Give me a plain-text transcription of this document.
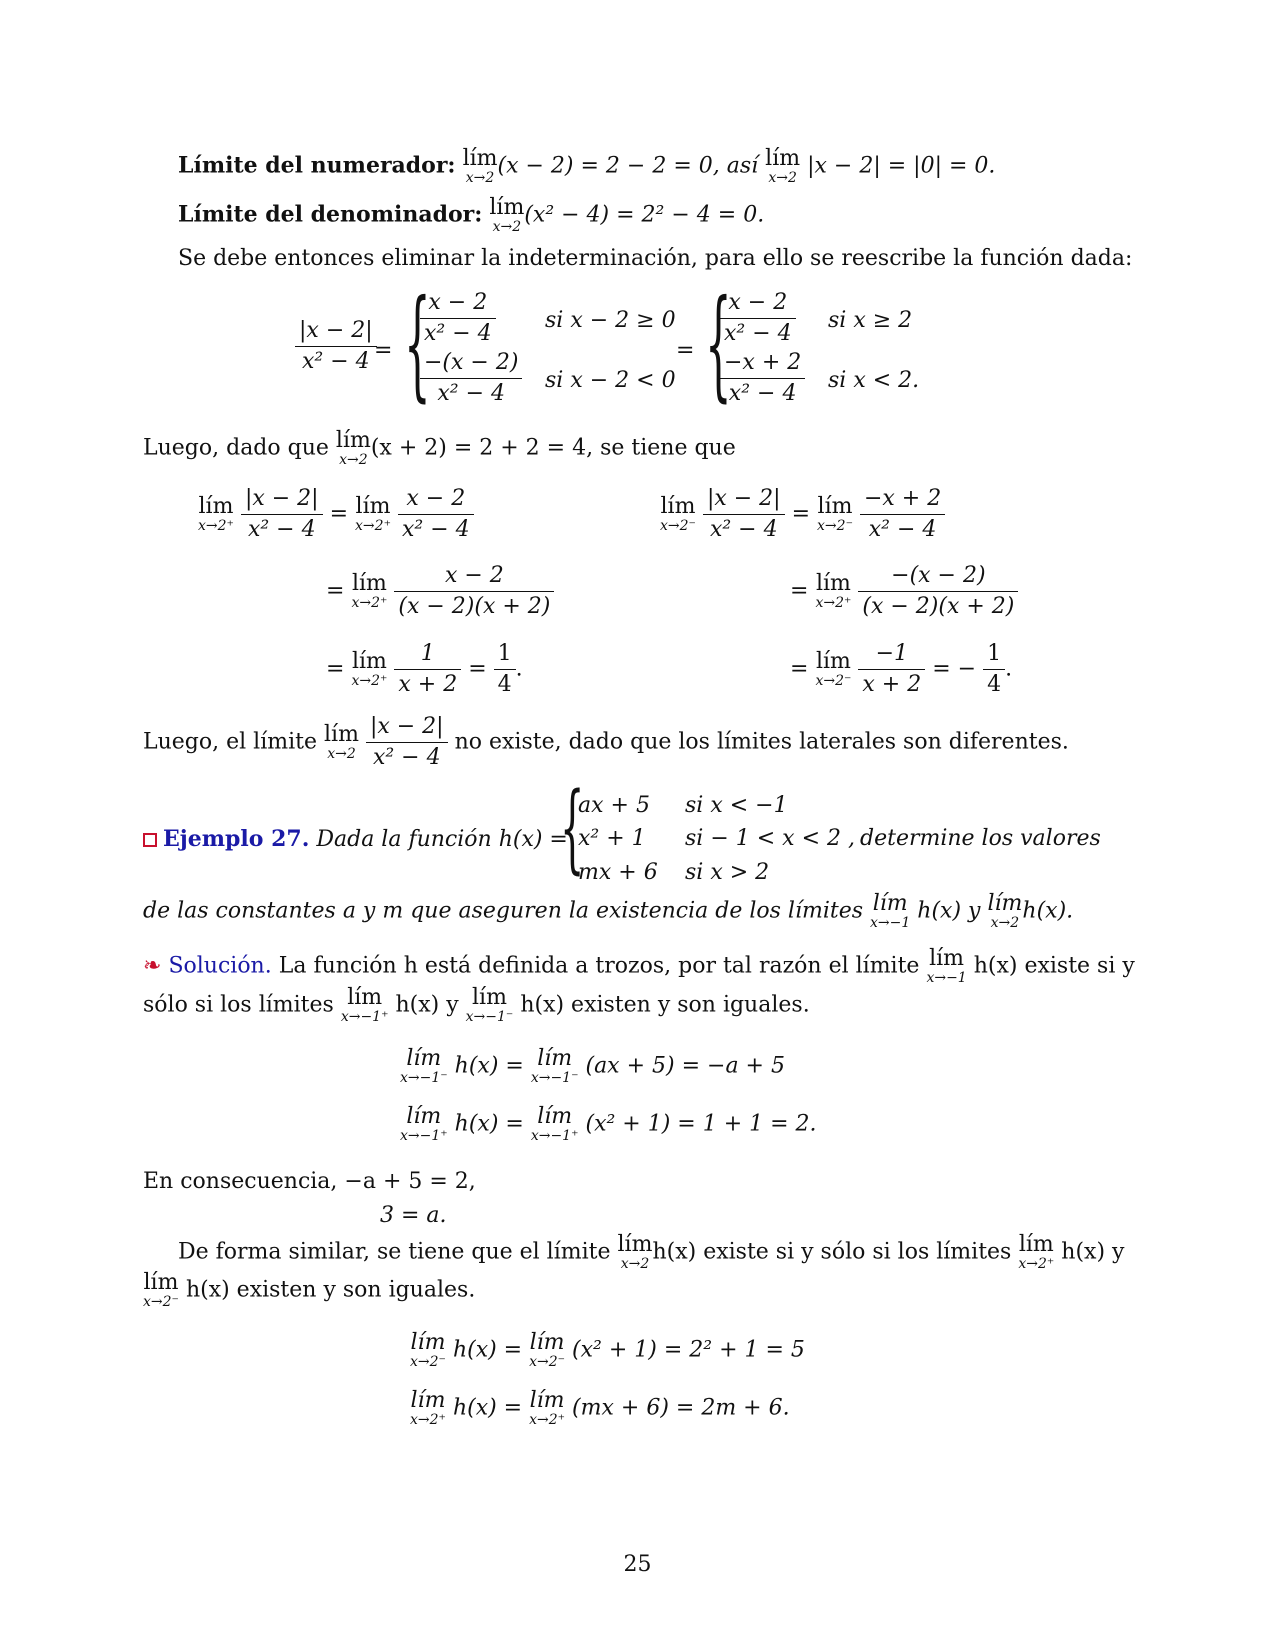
Límite del numerador: lím
x→2 (x − 2) = 2 − 2 = 0, así lím
x→2 |x − 2| = |0| = 0.
Límite del denominador: lím
x→2 (x² − 4) = 2² − 4 = 0.
Se debe entonces eliminar la indeterminación, para ello se reescribe la función dada:
$\frac{|x - 2|}{\text{x² − 4}}$
= {
$\frac{x - 2}{\text{x² − 4}}$ si x − 2 ≥ 0
$\frac{-(x - 2)}{\text{x² − 4}}$ si x − 2 < 0
= {
$\frac{x - 2}{\text{x² − 4}}$ si x ≥ 2
$\frac{-x + 2}{\text{x² − 4}}$ si x < 2.
Luego, dado que lím
x→2 (x + 2) = 2 + 2 = 4, se tiene que
lím
x→2⁺
$\frac{|x - 2|}{\text{x² − 4}}$ = lím
x→2⁺
$\frac{x - 2}{\text{x² − 4}}$
= lím
x→2⁺
$\frac{x - 2}{(x - 2)(x + 2)}$
= lím
x→2⁺
$\frac{1}{x + 2} = \frac{1}{4}$ .
lím
x→2⁻
$\frac{|x - 2|}{\text{x² − 4}}$ = lím
x→2⁻
$\frac{-x + 2}{\text{x² − 4}}$
= lím
x→2⁺
$\frac{-(x - 2)}{(x - 2)(x + 2)}$
= lím
x→2⁻
$\frac{-1}{x + 2}$ = − $\frac{1}{4}$ .
Luego, el límite lím
x→2
$\frac{|x - 2|}{\text{x² − 4}}$ no existe, dado que los límites laterales son diferentes.
Ejemplo 27. Dada la función h(x) =
{
ax + 5 si x < −1
x² + 1 si − 1 < x < 2 ,
mx + 6 si x > 2
determine los valores
de las constantes a y m que aseguren la existencia de los límites lím
x→−1 h(x) y lím
x→2 h(x).
❧ Solución. La función h está definida a trozos, por tal razón el límite lím
x→−1 h(x) existe si y
sólo si los límites lím
x→−1⁺ h(x) y lím
x→−1⁻ h(x) existen y son iguales.
lím
x→−1⁻ h(x) = lím
x→−1⁻ (ax + 5) = −a + 5
lím
x→−1⁺ h(x) = lím
x→−1⁺ (x² + 1) = 1 + 1 = 2.
En consecuencia, −a + 5 = 2,
3 = a.
De forma similar, se tiene que el límite lím
x→2 h(x) existe si y sólo si los límites lím
x→2⁺ h(x) y
lím
x→2⁻ h(x) existen y son iguales.
lím
x→2⁻ h(x) = lím
x→2⁻ (x² + 1) = 2² + 1 = 5
lím
x→2⁺ h(x) = lím
x→2⁺ (mx + 6) = 2m + 6.
25
